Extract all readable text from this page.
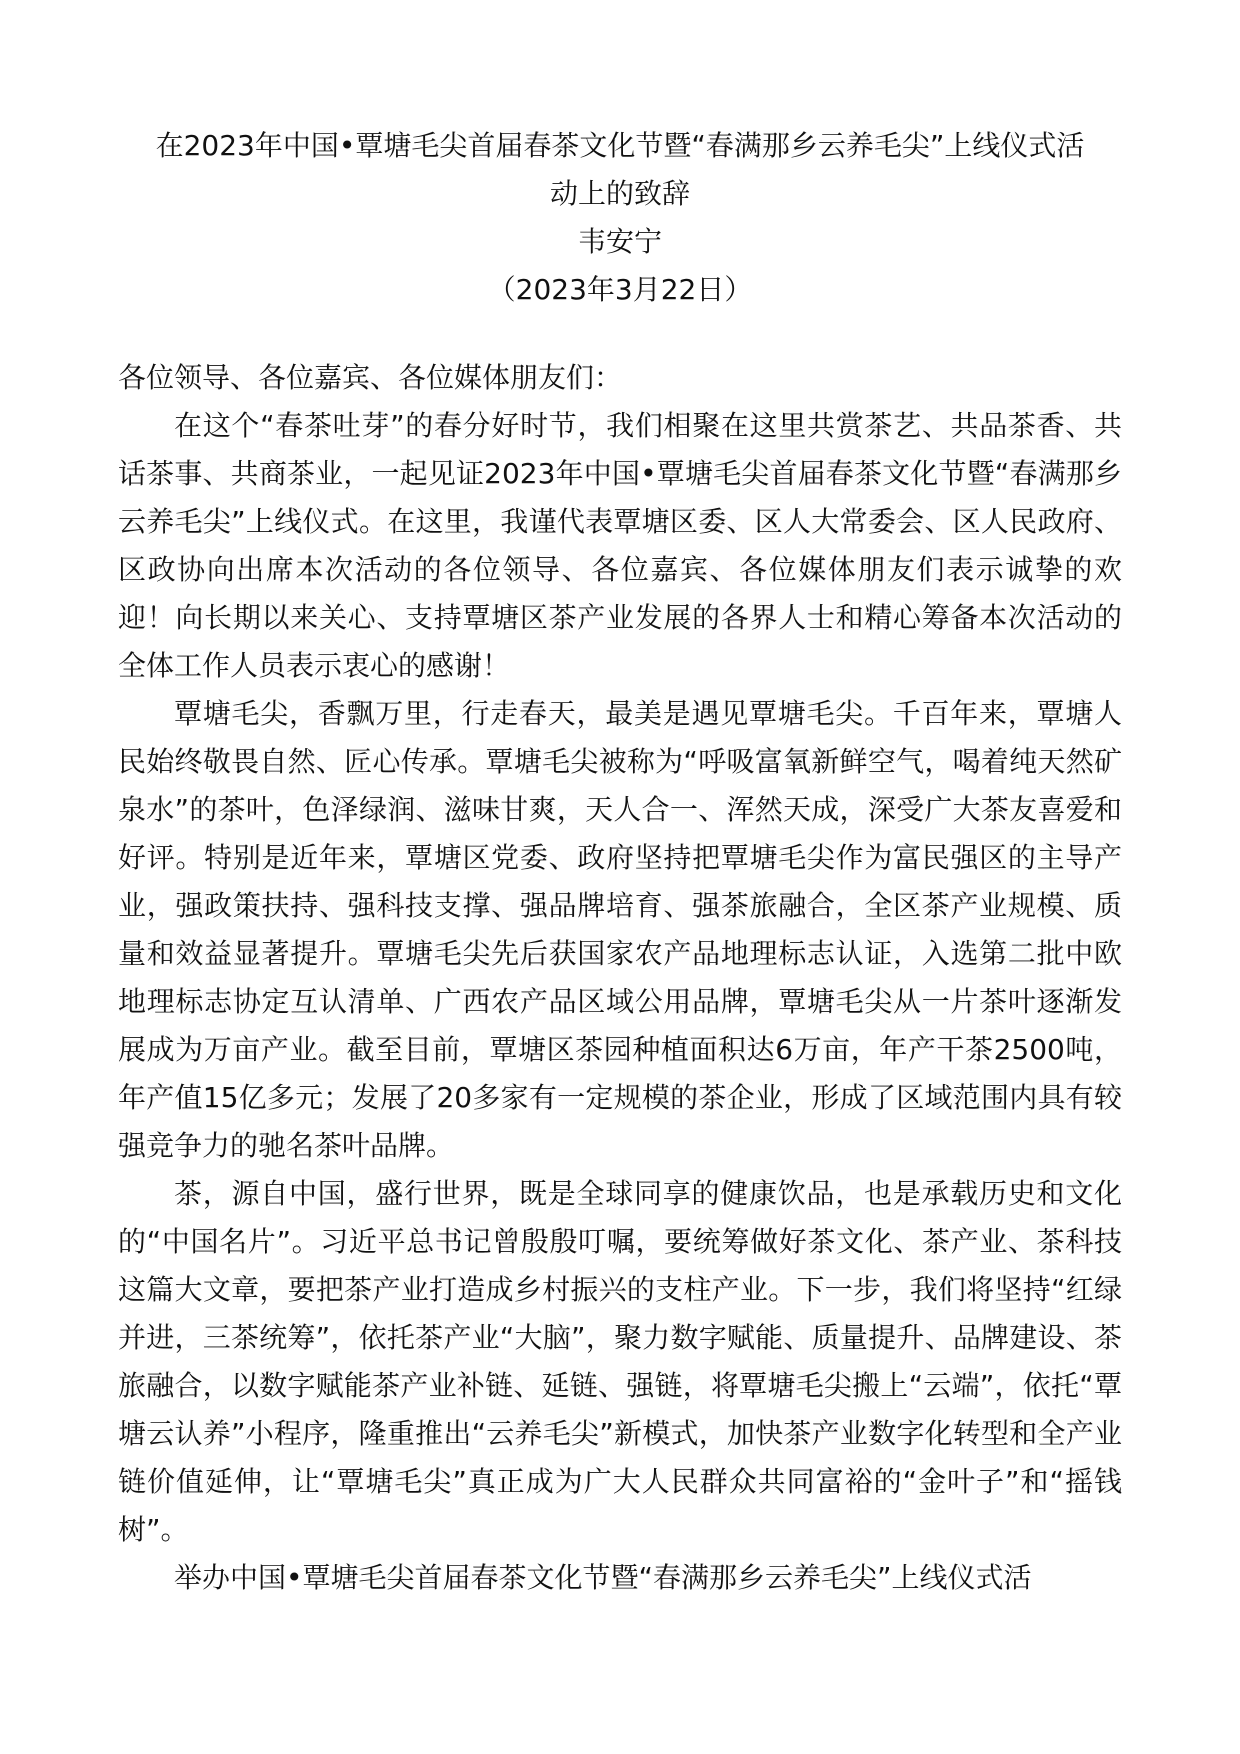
在2023年中国•覃塘毛尖首届春茶文化节暨“春满那乡云养毛尖”上线仪式活
动上的致辞
韦安宁
（2023年3月22日）

各位领导、各位嘉宾、各位媒体朋友们：

在这个“春茶吐芽”的春分好时节，我们相聚在这里共赏茶艺、共品茶香、共话茶事、共商茶业，一起见证2023年中国•覃塘毛尖首届春茶文化节暨“春满那乡云养毛尖”上线仪式。在这里，我谨代表覃塘区委、区人大常委会、区人民政府、区政协向出席本次活动的各位领导、各位嘉宾、各位媒体朋友们表示诚挚的欢迎！向长期以来关心、支持覃塘区茶产业发展的各界人士和精心筹备本次活动的全体工作人员表示衷心的感谢！

覃塘毛尖，香飘万里，行走春天，最美是遇见覃塘毛尖。千百年来，覃塘人民始终敬畏自然、匠心传承。覃塘毛尖被称为“呼吸富氧新鲜空气，喝着纯天然矿泉水”的茶叶，色泽绿润、滋味甘爽，天人合一、浑然天成，深受广大茶友喜爱和好评。特别是近年来，覃塘区党委、政府坚持把覃塘毛尖作为富民强区的主导产业，强政策扶持、强科技支撑、强品牌培育、强茶旅融合，全区茶产业规模、质量和效益显著提升。覃塘毛尖先后获国家农产品地理标志认证，入选第二批中欧地理标志协定互认清单、广西农产品区域公用品牌，覃塘毛尖从一片茶叶逐渐发展成为万亩产业。截至目前，覃塘区茶园种植面积达6万亩，年产干茶2500吨，年产值15亿多元；发展了20多家有一定规模的茶企业，形成了区域范围内具有较强竞争力的驰名茶叶品牌。

茶，源自中国，盛行世界，既是全球同享的健康饮品，也是承载历史和文化的“中国名片”。习近平总书记曾殷殷叮嘱，要统筹做好茶文化、茶产业、茶科技这篇大文章，要把茶产业打造成乡村振兴的支柱产业。下一步，我们将坚持“红绿并进，三茶统筹”，依托茶产业“大脑”，聚力数字赋能、质量提升、品牌建设、茶旅融合，以数字赋能茶产业补链、延链、强链，将覃塘毛尖搬上“云端”，依托“覃塘云认养”小程序，隆重推出“云养毛尖”新模式，加快茶产业数字化转型和全产业链价值延伸，让“覃塘毛尖”真正成为广大人民群众共同富裕的“金叶子”和“摇钱树”。

举办中国•覃塘毛尖首届春茶文化节暨“春满那乡云养毛尖”上线仪式活
